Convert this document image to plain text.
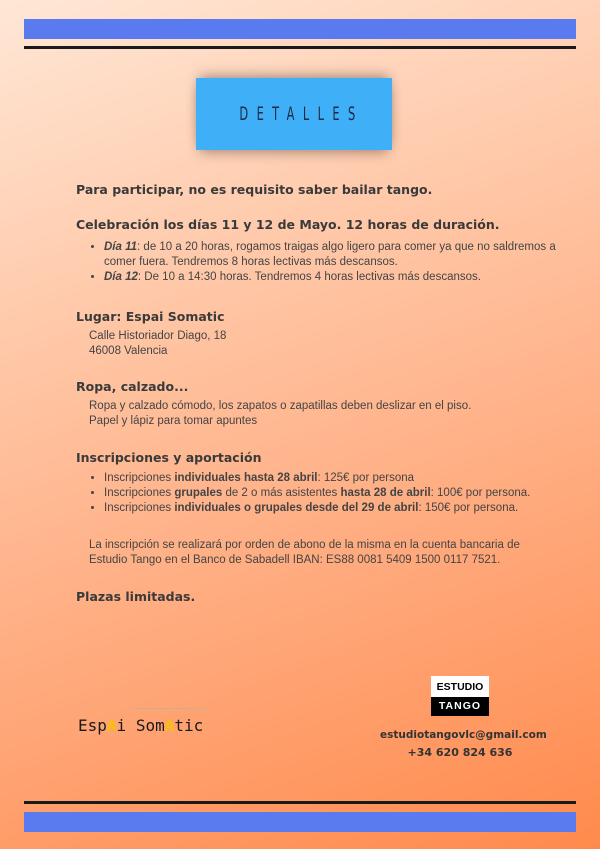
DETALLES

Para participar, no es requisito saber bailar tango.

Celebración los días 11 y 12 de Mayo. 12 horas de duración.

• Día 11: de 10 a 20 horas, rogamos traigas algo ligero para comer ya que no saldremos a comer fuera. Tendremos 8 horas lectivas más descansos.
• Día 12: De 10 a 14:30 horas. Tendremos 4 horas lectivas más descansos.

Lugar: Espai Somatic

Calle Historiador Diago, 18

46008 Valencia

Ropa, calzado...

Ropa y calzado cómodo, los zapatos o zapatillas deben deslizar en el piso.

Papel y lápiz para tomar apuntes

Inscripciones y aportación

• Inscripciones individuales hasta 28 abril: 125€ por persona
• Inscripciones grupales de 2 o más asistentes hasta 28 de abril: 100€ por persona.
• Inscripciones individuales o grupales desde del 29 de abril: 150€ por persona.

La inscripción se realizará por orden de abono de la misma en la cuenta bancaria de Estudio Tango en el Banco de Sabadell IBAN: ES88 0081 5409 1500 0117 7521.

Plazas limitadas.

EspAi SomAtic
ESTUDIO
TANGO
estudiotangovlc@gmail.com
+34 620 824 636
